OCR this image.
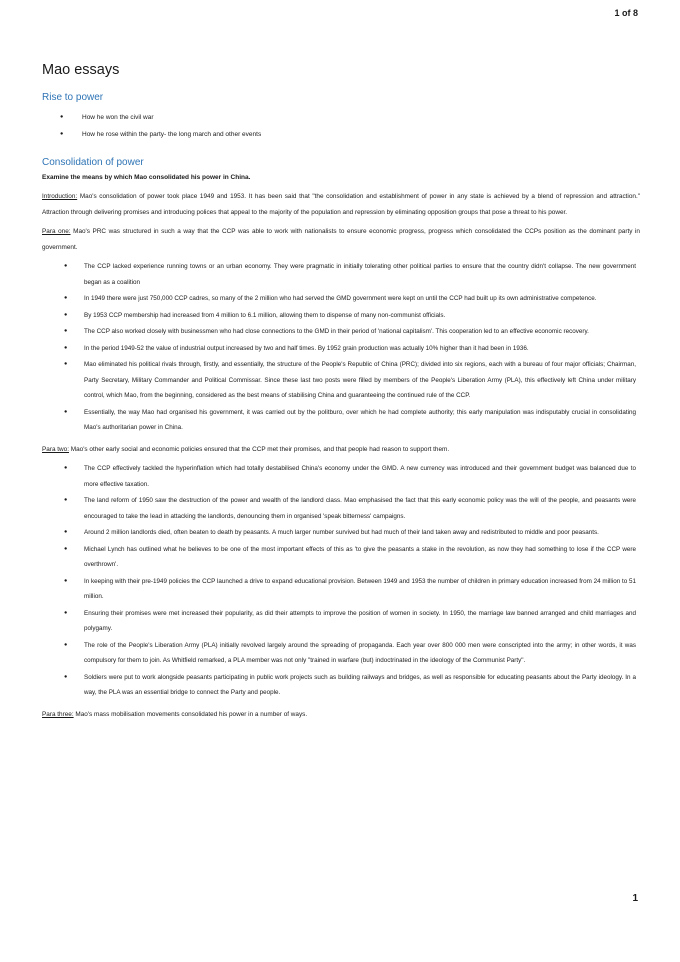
1 of 8
Mao essays
Rise to power
● How he won the civil war
● How he rose within the party- the long march and other events
Consolidation of power
Examine the means by which Mao consolidated his power in China.

Introduction: Mao's consolidation of power took place 1949 and 1953. It has been said that "the consolidation and establishment of power in any state is achieved by a blend of repression and attraction." Attraction through delivering promises and introducing polices that appeal to the majority of the population and repression by eliminating opposition groups that pose a threat to his power.

Para one: Mao's PRC was structured in such a way that the CCP was able to work with nationalists to ensure economic progress, progress which consolidated the CCPs position as the dominant party in government.

● The CCP lacked experience running towns or an urban economy. They were pragmatic in initially tolerating other political parties to ensure that the country didn't collapse. The new government began as a coalition
● In 1949 there were just 750,000 CCP cadres, so many of the 2 million who had served the GMD government were kept on until the CCP had built up its own administrative competence.
● By 1953 CCP membership had increased from 4 million to 6.1 million, allowing them to dispense of many non-communist officials.
● The CCP also worked closely with businessmen who had close connections to the GMD in their period of 'national capitalism'. This cooperation led to an effective economic recovery.
● In the period 1949-52 the value of industrial output increased by two and half times. By 1952 grain production was actually 10% higher than it had been in 1936.
● Mao eliminated his political rivals through, firstly, and essentially, the structure of the People's Republic of China (PRC); divided into six regions, each with a bureau of four major officials; Chairman, Party Secretary, Military Commander and Political Commissar. Since these last two posts were filled by members of the People's Liberation Army (PLA), this effectively left China under military control, which Mao, from the beginning, considered as the best means of stabilising China and guaranteeing the continued rule of the CCP.
● Essentially, the way Mao had organised his government, it was carried out by the politburo, over which he had complete authority; this early manipulation was indisputably crucial in consolidating Mao's authoritarian power in China.

Para two: Mao's other early social and economic policies ensured that the CCP met their promises, and that people had reason to support them.

● The CCP effectively tackled the hyperinflation which had totally destabilised China's economy under the GMD. A new currency was introduced and their government budget was balanced due to more effective taxation.
● The land reform of 1950 saw the destruction of the power and wealth of the landlord class. Mao emphasised the fact that this early economic policy was the will of the people, and peasants were encouraged to take the lead in attacking the landlords, denouncing them in organised 'speak bitterness' campaigns.
● Around 2 million landlords died, often beaten to death by peasants. A much larger number survived but had much of their land taken away and redistributed to middle and poor peasants.
● Michael Lynch has outlined what he believes to be one of the most important effects of this as 'to give the peasants a stake in the revolution, as now they had something to lose if the CCP were overthrown'.
● In keeping with their pre-1949 policies the CCP launched a drive to expand educational provision. Between 1949 and 1953 the number of children in primary education increased from 24 million to 51 million.
● Ensuring their promises were met increased their popularity, as did their attempts to improve the position of women in society. In 1950, the marriage law banned arranged and child marriages and polygamy.
● The role of the People's Liberation Army (PLA) initially revolved largely around the spreading of propaganda. Each year over 800 000 men were conscripted into the army; in other words, it was compulsory for them to join. As Whitfield remarked, a PLA member was not only "trained in warfare (but) indoctrinated in the ideology of the Communist Party".
● Soldiers were put to work alongside peasants participating in public work projects such as building railways and bridges, as well as responsible for educating peasants about the Party ideology. In a way, the PLA was an essential bridge to connect the Party and people.

Para three: Mao's mass mobilisation movements consolidated his power in a number of ways.

1
